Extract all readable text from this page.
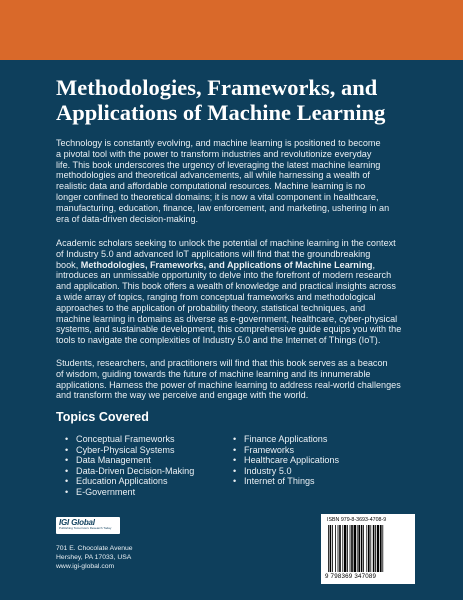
Methodologies, Frameworks, and
Applications of Machine Learning

Technology is constantly evolving, and machine learning is positioned to become
a pivotal tool with the power to transform industries and revolutionize everyday
life. This book underscores the urgency of leveraging the latest machine learning
methodologies and theoretical advancements, all while harnessing a wealth of
realistic data and affordable computational resources. Machine learning is no
longer confined to theoretical domains; it is now a vital component in healthcare,
manufacturing, education, finance, law enforcement, and marketing, ushering in an
era of data-driven decision-making.

Academic scholars seeking to unlock the potential of machine learning in the context
of Industry 5.0 and advanced IoT applications will find that the groundbreaking
book, Methodologies, Frameworks, and Applications of Machine Learning,
introduces an unmissable opportunity to delve into the forefront of modern research
and application. This book offers a wealth of knowledge and practical insights across
a wide array of topics, ranging from conceptual frameworks and methodological
approaches to the application of probability theory, statistical techniques, and
machine learning in domains as diverse as e-government, healthcare, cyber-physical
systems, and sustainable development, this comprehensive guide equips you with the
tools to navigate the complexities of Industry 5.0 and the Internet of Things (IoT).

Students, researchers, and practitioners will find that this book serves as a beacon
of wisdom, guiding towards the future of machine learning and its innumerable
applications. Harness the power of machine learning to address real-world challenges
and transform the way we perceive and engage with the world.

Topics Covered
• Conceptual Frameworks
• Cyber-Physical Systems
• Data Management
• Data-Driven Decision-Making
• Education Applications
• E-Government
• Finance Applications
• Frameworks
• Healthcare Applications
• Industry 5.0
• Internet of Things
IGI Global
Publishing Tomorrow's Research Today
701 E. Chocolate Avenue
Hershey, PA 17033, USA
www.igi-global.com
ISBN 979-8-3693-4708-9
9 798369 347089
